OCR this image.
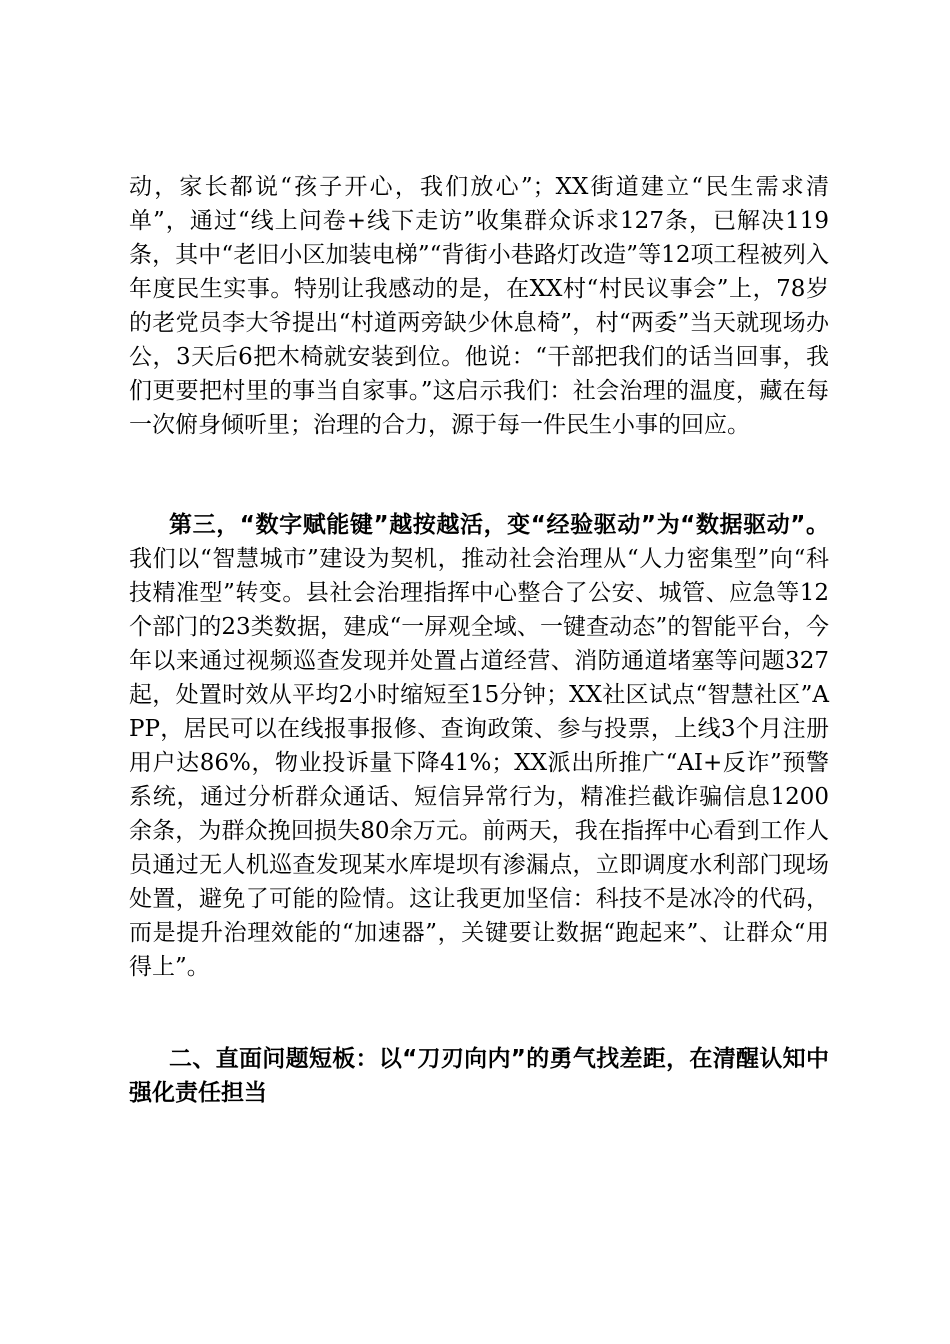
动，家长都说“孩子开心，我们放心”；XX街道建立“民生需求清单”，通过“线上问卷+线下走访”收集群众诉求127条，已解决119条，其中“老旧小区加装电梯”“背街小巷路灯改造”等12项工程被列入年度民生实事。特别让我感动的是，在XX村“村民议事会”上，78岁的老党员李大爷提出“村道两旁缺少休息椅”，村“两委”当天就现场办公，3天后6把木椅就安装到位。他说：“干部把我们的话当回事，我们更要把村里的事当自家事。”这启示我们：社会治理的温度，藏在每一次俯身倾听里；治理的合力，源于每一件民生小事的回应。

第三，“数字赋能键”越按越活，变“经验驱动”为“数据驱动”。我们以“智慧城市”建设为契机，推动社会治理从“人力密集型”向“科技精准型”转变。县社会治理指挥中心整合了公安、城管、应急等12个部门的23类数据，建成“一屏观全域、一键查动态”的智能平台，今年以来通过视频巡查发现并处置占道经营、消防通道堵塞等问题327起，处置时效从平均2小时缩短至15分钟；XX社区试点“智慧社区”APP，居民可以在线报事报修、查询政策、参与投票，上线3个月注册用户达86%，物业投诉量下降41%；XX派出所推广“AI+反诈”预警系统，通过分析群众通话、短信异常行为，精准拦截诈骗信息1200余条，为群众挽回损失80余万元。前两天，我在指挥中心看到工作人员通过无人机巡查发现某水库堤坝有渗漏点，立即调度水利部门现场处置，避免了可能的险情。这让我更加坚信：科技不是冰冷的代码，而是提升治理效能的“加速器”，关键要让数据“跑起来”、让群众“用得上”。

二、直面问题短板：以“刀刃向内”的勇气找差距，在清醒认知中强化责任担当
